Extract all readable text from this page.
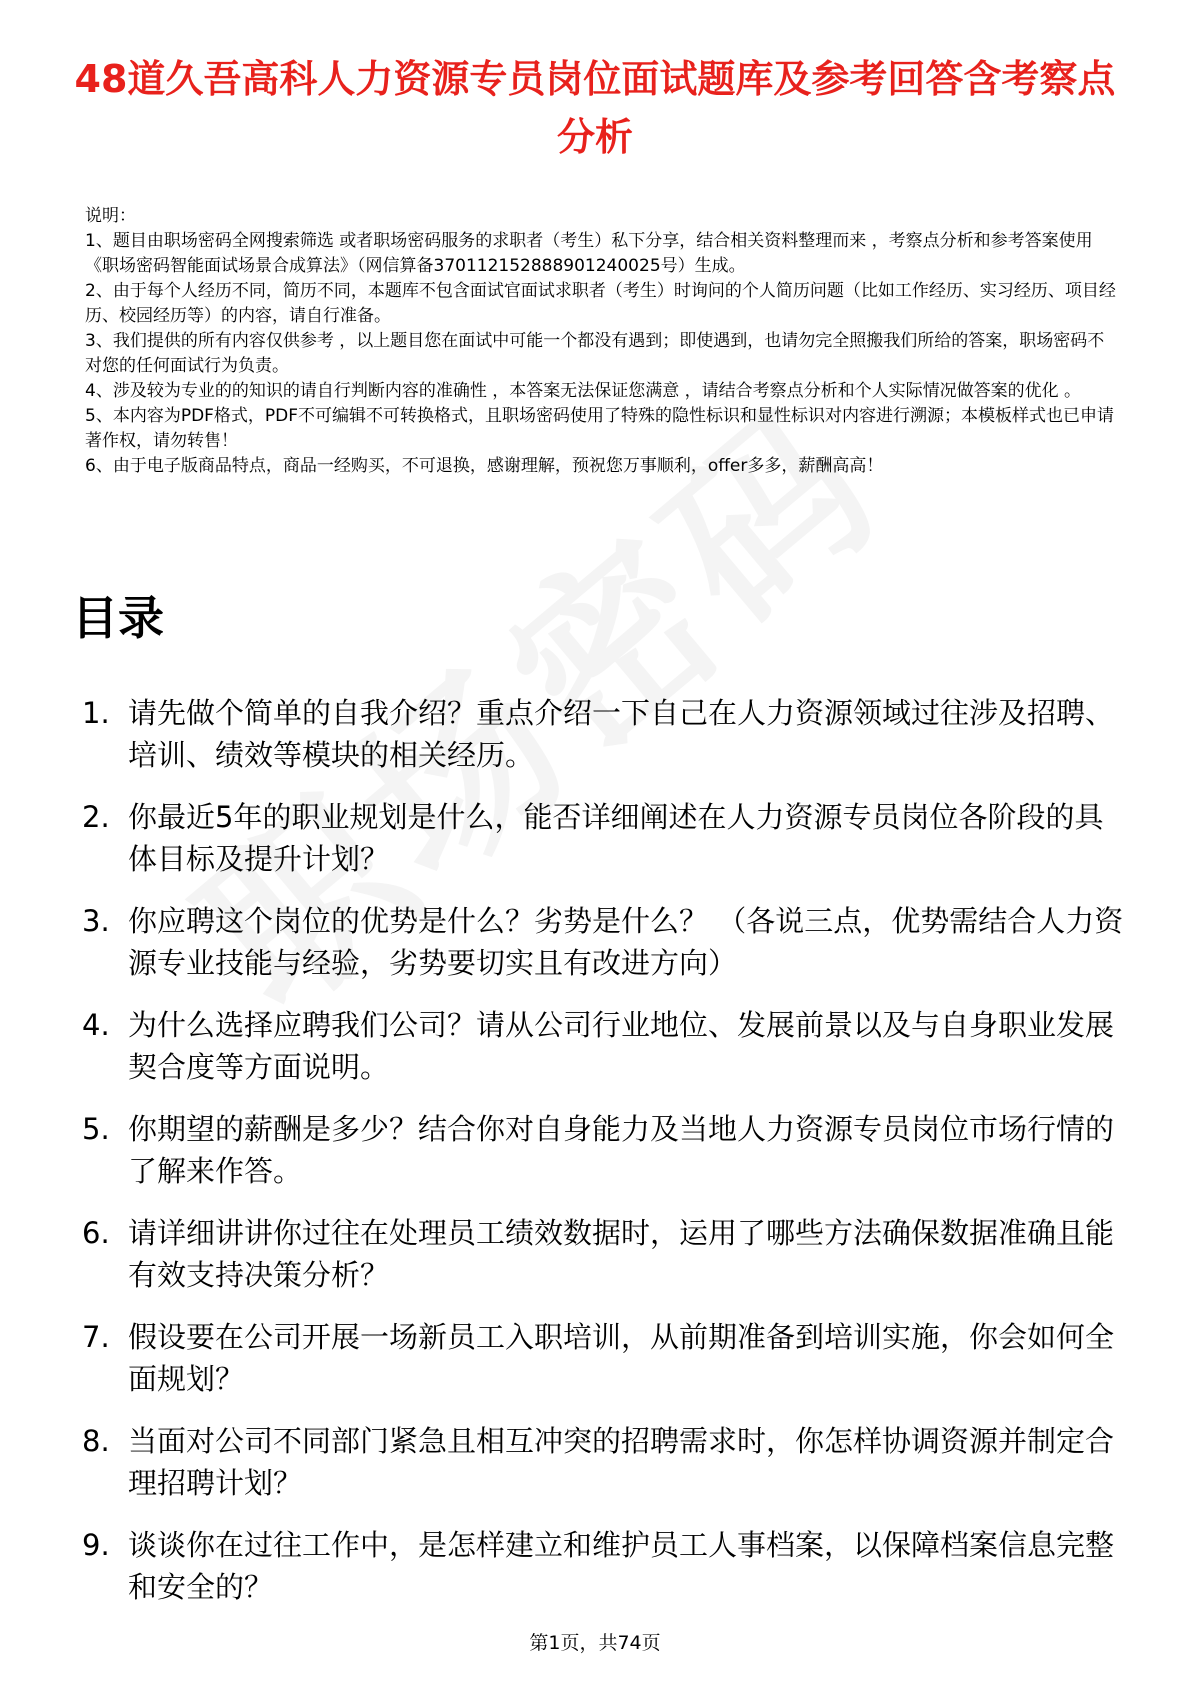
48道久吾高科人力资源专员岗位面试题库及参考回答含考察点分析

说明：

1、题目由职场密码全网搜索筛选 或者职场密码服务的求职者（考生）私下分享，结合相关资料整理而来 ，考察点分析和参考答案使用《职场密码智能面试场景合成算法》（网信算备370112152888901240025号）生成。

2、由于每个人经历不同，简历不同，本题库不包含面试官面试求职者（考生）时询问的个人简历问题（比如工作经历、实习经历、项目经历、校园经历等）的内容，请自行准备。

3、我们提供的所有内容仅供参考 ，以上题目您在面试中可能一个都没有遇到；即使遇到，也请勿完全照搬我们所给的答案，职场密码不对您的任何面试行为负责。

4、涉及较为专业的的知识的请自行判断内容的准确性 ，本答案无法保证您满意 ，请结合考察点分析和个人实际情况做答案的优化 。

5、本内容为PDF格式，PDF不可编辑不可转换格式，且职场密码使用了特殊的隐性标识和显性标识对内容进行溯源；本模板样式也已申请著作权，请勿转售！

6、由于电子版商品特点，商品一经购买，不可退换，感谢理解，预祝您万事顺利，offer多多，薪酬高高！

目录
1. 请先做个简单的自我介绍？重点介绍一下自己在人力资源领域过往涉及招聘、培训、绩效等模块的相关经历。
2. 你最近5年的职业规划是什么，能否详细阐述在人力资源专员岗位各阶段的具体目标及提升计划？
3. 你应聘这个岗位的优势是什么？劣势是什么？ （各说三点，优势需结合人力资源专业技能与经验，劣势要切实且有改进方向）
4. 为什么选择应聘我们公司？请从公司行业地位、发展前景以及与自身职业发展契合度等方面说明。
5. 你期望的薪酬是多少？结合你对自身能力及当地人力资源专员岗位市场行情的了解来作答。
6. 请详细讲讲你过往在处理员工绩效数据时，运用了哪些方法确保数据准确且能有效支持决策分析？
7. 假设要在公司开展一场新员工入职培训，从前期准备到培训实施，你会如何全面规划？
8. 当面对公司不同部门紧急且相互冲突的招聘需求时，你怎样协调资源并制定合理招聘计划？
9. 谈谈你在过往工作中，是怎样建立和维护员工人事档案，以保障档案信息完整和安全的？
第1页，共74页
